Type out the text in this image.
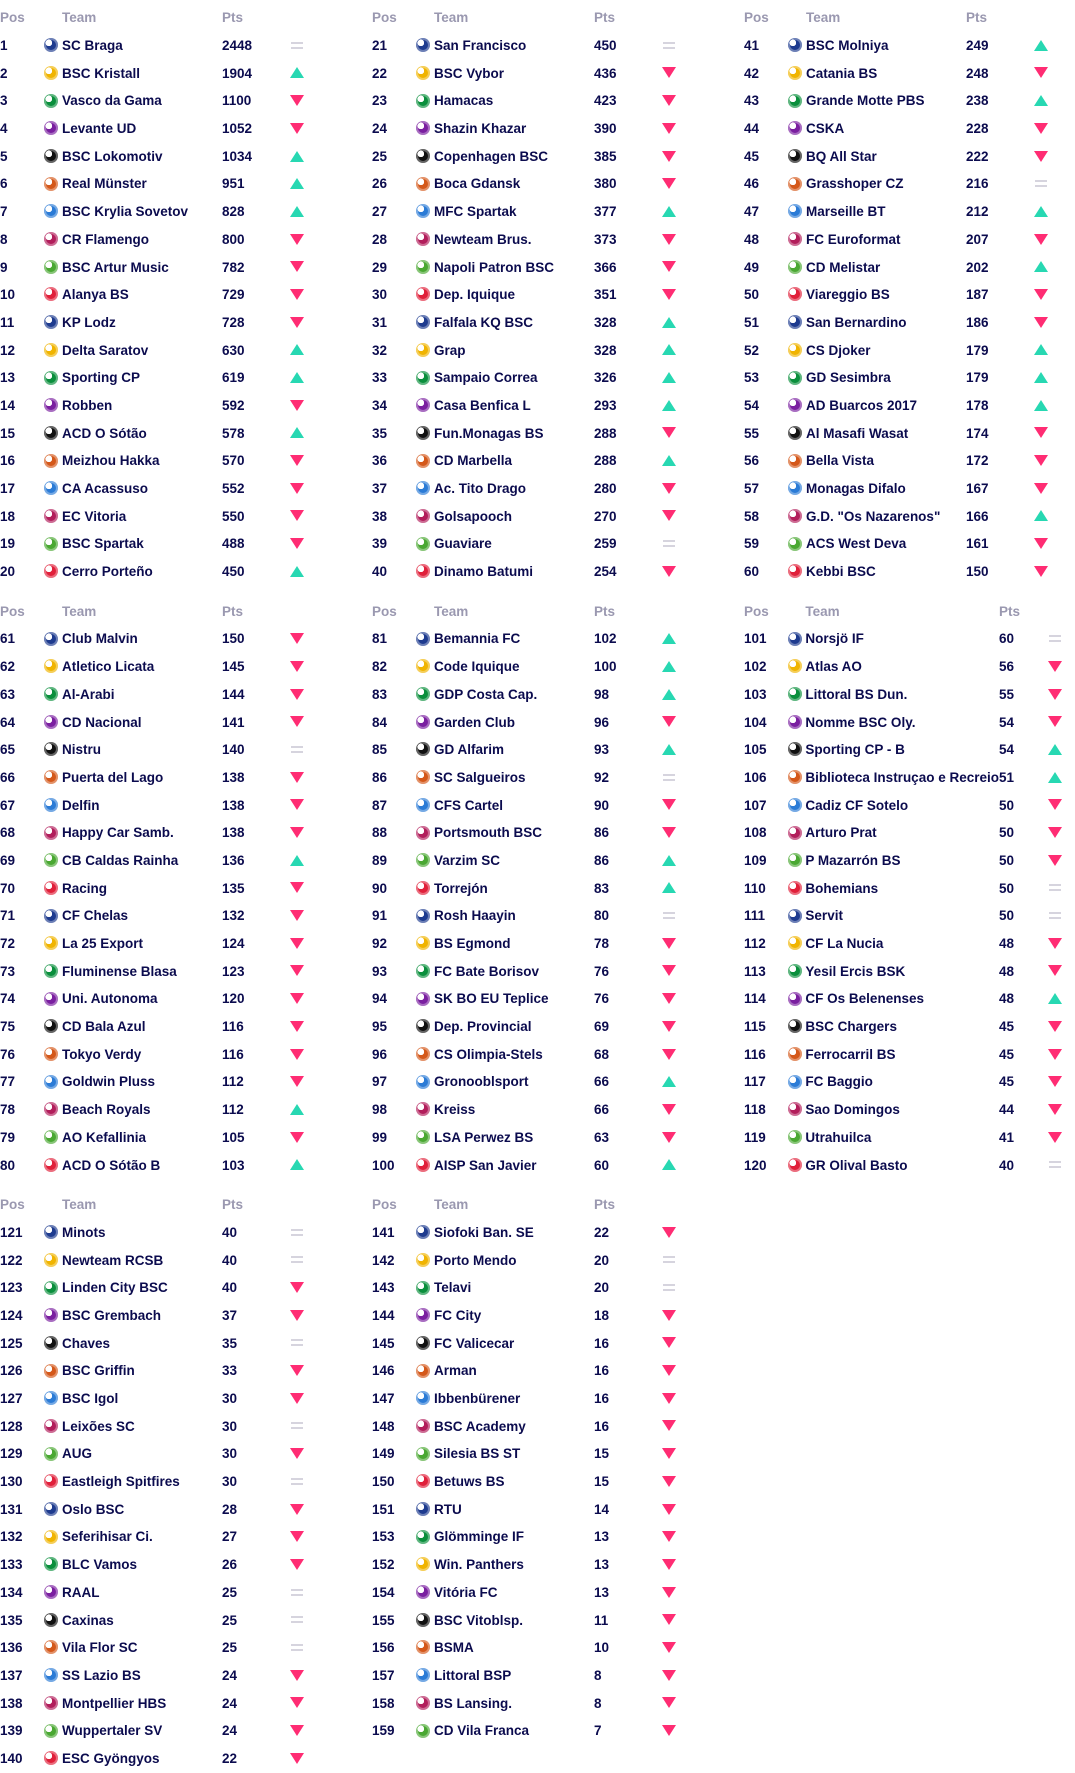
Pos		Team	Pts	
1		SC Braga	2448	
2		BSC Kristall	1904	
3		Vasco da Gama	1100	
4		Levante UD	1052	
5		BSC Lokomotiv	1034	
6		Real Münster	951	
7		BSC Krylia Sovetov	828	
8		CR Flamengo	800	
9		BSC Artur Music	782	
10		Alanya BS	729	
11		KP Lodz	728	
12		Delta Saratov	630	
13		Sporting CP	619	
14		Robben	592	
15		ACD O Sótão	578	
16		Meizhou Hakka	570	
17		CA Acassuso	552	
18		EC Vitoria	550	
19		BSC Spartak	488	
20		Cerro Porteño	450	
Pos		Team	Pts	
21		San Francisco	450	
22		BSC Vybor	436	
23		Hamacas	423	
24		Shazin Khazar	390	
25		Copenhagen BSC	385	
26		Boca Gdansk	380	
27		MFC Spartak	377	
28		Newteam Brus.	373	
29		Napoli Patron BSC	366	
30		Dep. Iquique	351	
31		Falfala KQ BSC	328	
32		Grap	328	
33		Sampaio Correa	326	
34		Casa Benfica L	293	
35		Fun.Monagas BS	288	
36		CD Marbella	288	
37		Ac. Tito Drago	280	
38		Golsapooch	270	
39		Guaviare	259	
40		Dinamo Batumi	254	
Pos		Team	Pts	
41		BSC Molniya	249	
42		Catania BS	248	
43		Grande Motte PBS	238	
44		CSKA	228	
45		BQ All Star	222	
46		Grasshoper CZ	216	
47		Marseille BT	212	
48		FC Euroformat	207	
49		CD Melistar	202	
50		Viareggio BS	187	
51		San Bernardino	186	
52		CS Djoker	179	
53		GD Sesimbra	179	
54		AD Buarcos 2017	178	
55		Al Masafi Wasat	174	
56		Bella Vista	172	
57		Monagas Difalo	167	
58		G.D. "Os Nazarenos"	166	
59		ACS West Deva	161	
60		Kebbi BSC	150	
Pos		Team	Pts	
61		Club Malvin	150	
62		Atletico Licata	145	
63		Al-Arabi	144	
64		CD Nacional	141	
65		Nistru	140	
66		Puerta del Lago	138	
67		Delfin	138	
68		Happy Car Samb.	138	
69		CB Caldas Rainha	136	
70		Racing	135	
71		CF Chelas	132	
72		La 25 Export	124	
73		Fluminense Blasa	123	
74		Uni. Autonoma	120	
75		CD Bala Azul	116	
76		Tokyo Verdy	116	
77		Goldwin Pluss	112	
78		Beach Royals	112	
79		AO Kefallinia	105	
80		ACD O Sótão B	103	
Pos		Team	Pts	
81		Bemannia FC	102	
82		Code Iquique	100	
83		GDP Costa Cap.	98	
84		Garden Club	96	
85		GD Alfarim	93	
86		SC Salgueiros	92	
87		CFS Cartel	90	
88		Portsmouth BSC	86	
89		Varzim SC	86	
90		Torrejón	83	
91		Rosh Haayin	80	
92		BS Egmond	78	
93		FC Bate Borisov	76	
94		SK BO EU Teplice	76	
95		Dep. Provincial	69	
96		CS Olimpia-Stels	68	
97		Gronooblsport	66	
98		Kreiss	66	
99		LSA Perwez BS	63	
100		AISP San Javier	60	
Pos		Team	Pts	
101		Norsjö IF	60	
102		Atlas AO	56	
103		Littoral BS Dun.	55	
104		Nomme BSC Oly.	54	
105		Sporting CP - B	54	
106		Biblioteca Instruçao e Recreio	51	
107		Cadiz CF Sotelo	50	
108		Arturo Prat	50	
109		P Mazarrón BS	50	
110		Bohemians	50	
111		Servit	50	
112		CF La Nucia	48	
113		Yesil Ercis BSK	48	
114		CF Os Belenenses	48	
115		BSC Chargers	45	
116		Ferrocarril BS	45	
117		FC Baggio	45	
118		Sao Domingos	44	
119		Utrahuilca	41	
120		GR Olival Basto	40	
Pos		Team	Pts	
121		Minots	40	
122		Newteam RCSB	40	
123		Linden City BSC	40	
124		BSC Grembach	37	
125		Chaves	35	
126		BSC Griffin	33	
127		BSC Igol	30	
128		Leixões SC	30	
129		AUG	30	
130		Eastleigh Spitfires	30	
131		Oslo BSC	28	
132		Seferihisar Ci.	27	
133		BLC Vamos	26	
134		RAAL	25	
135		Caxinas	25	
136		Vila Flor SC	25	
137		SS Lazio BS	24	
138		Montpellier HBS	24	
139		Wuppertaler SV	24	
140		ESC Gyöngyos	22	
Pos		Team	Pts	
141		Siofoki Ban. SE	22	
142		Porto Mendo	20	
143		Telavi	20	
144		FC City	18	
145		FC Valicecar	16	
146		Arman	16	
147		Ibbenbürener	16	
148		BSC Academy	16	
149		Silesia BS ST	15	
150		Betuws BS	15	
151		RTU	14	
153		Glömminge IF	13	
152		Win. Panthers	13	
154		Vitória FC	13	
155		BSC Vitoblsp.	11	
156		BSMA	10	
157		Littoral BSP	8	
158		BS Lansing.	8	
159		CD Vila Franca	7	
